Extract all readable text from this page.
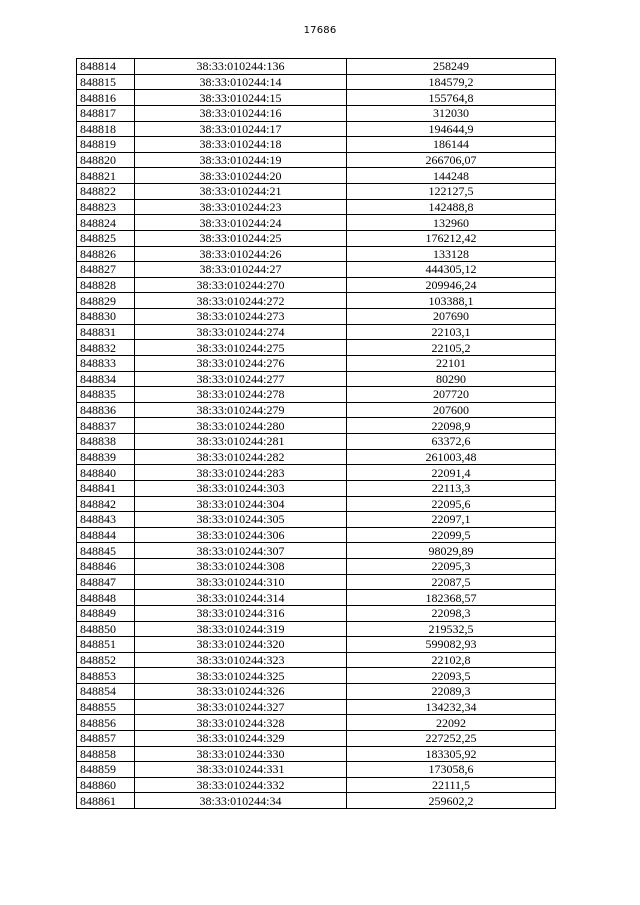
17686
848814	38:33:010244:136	258249
848815	38:33:010244:14	184579,2
848816	38:33:010244:15	155764,8
848817	38:33:010244:16	312030
848818	38:33:010244:17	194644,9
848819	38:33:010244:18	186144
848820	38:33:010244:19	266706,07
848821	38:33:010244:20	144248
848822	38:33:010244:21	122127,5
848823	38:33:010244:23	142488,8
848824	38:33:010244:24	132960
848825	38:33:010244:25	176212,42
848826	38:33:010244:26	133128
848827	38:33:010244:27	444305,12
848828	38:33:010244:270	209946,24
848829	38:33:010244:272	103388,1
848830	38:33:010244:273	207690
848831	38:33:010244:274	22103,1
848832	38:33:010244:275	22105,2
848833	38:33:010244:276	22101
848834	38:33:010244:277	80290
848835	38:33:010244:278	207720
848836	38:33:010244:279	207600
848837	38:33:010244:280	22098,9
848838	38:33:010244:281	63372,6
848839	38:33:010244:282	261003,48
848840	38:33:010244:283	22091,4
848841	38:33:010244:303	22113,3
848842	38:33:010244:304	22095,6
848843	38:33:010244:305	22097,1
848844	38:33:010244:306	22099,5
848845	38:33:010244:307	98029,89
848846	38:33:010244:308	22095,3
848847	38:33:010244:310	22087,5
848848	38:33:010244:314	182368,57
848849	38:33:010244:316	22098,3
848850	38:33:010244:319	219532,5
848851	38:33:010244:320	599082,93
848852	38:33:010244:323	22102,8
848853	38:33:010244:325	22093,5
848854	38:33:010244:326	22089,3
848855	38:33:010244:327	134232,34
848856	38:33:010244:328	22092
848857	38:33:010244:329	227252,25
848858	38:33:010244:330	183305,92
848859	38:33:010244:331	173058,6
848860	38:33:010244:332	22111,5
848861	38:33:010244:34	259602,2
